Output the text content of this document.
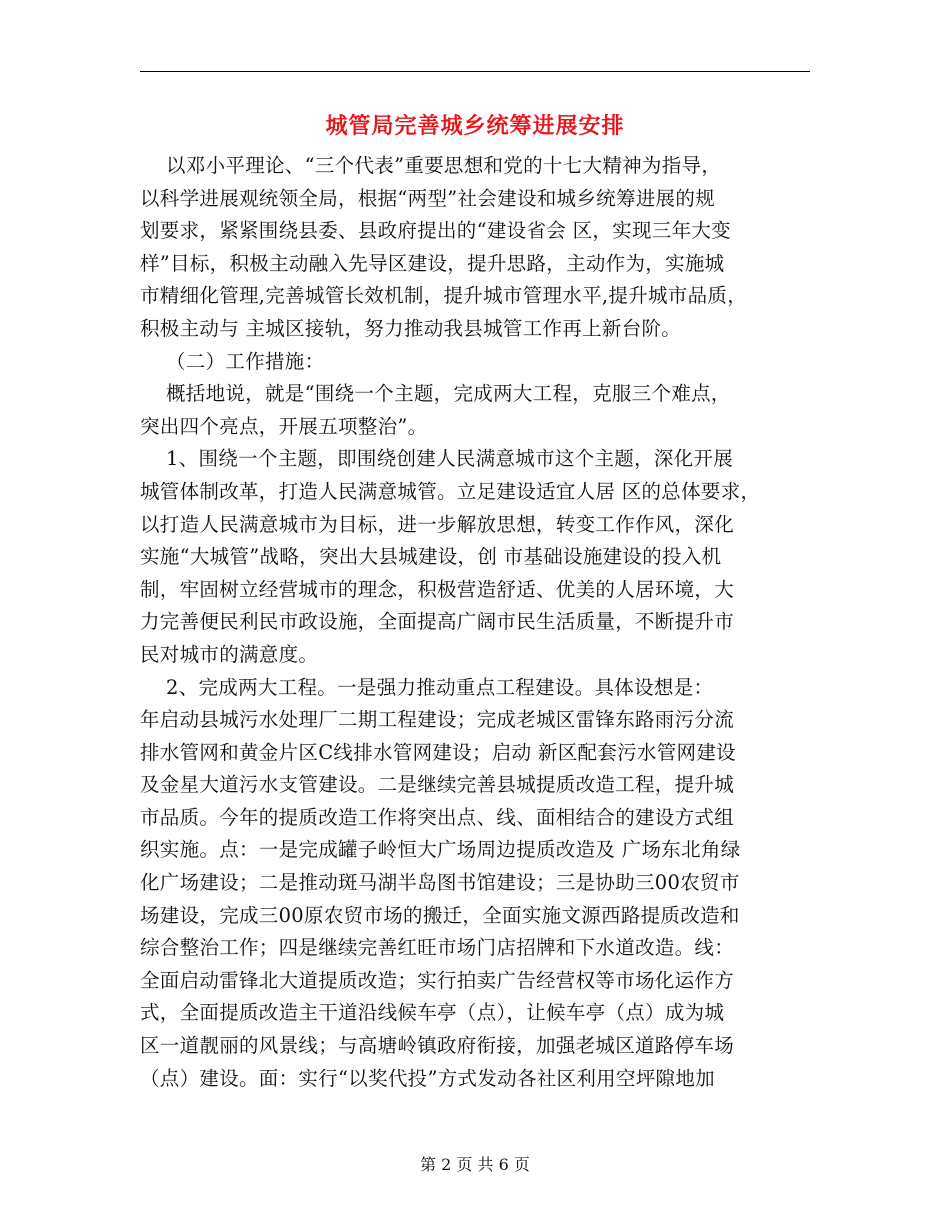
城管局完善城乡统筹进展安排
以邓小平理论、“三个代表”重要思想和党的十七大精神为指导，
以科学进展观统领全局，根据“两型”社会建设和城乡统筹进展的规
划要求，紧紧围绕县委、县政府提出的“建设省会 区，实现三年大变
样”目标，积极主动融入先导区建设，提升思路，主动作为，实施城
市精细化管理,完善城管长效机制，提升城市管理水平,提升城市品质，
积极主动与 主城区接轨，努力推动我县城管工作再上新台阶。
（二）工作措施：
概括地说，就是“围绕一个主题，完成两大工程，克服三个难点，
突出四个亮点，开展五项整治”。
1、围绕一个主题，即围绕创建人民满意城市这个主题，深化开展
城管体制改革，打造人民满意城管。立足建设适宜人居 区的总体要求，
以打造人民满意城市为目标，进一步解放思想，转变工作作风，深化
实施“大城管”战略，突出大县城建设，创 市基础设施建设的投入机
制，牢固树立经营城市的理念，积极营造舒适、优美的人居环境，大
力完善便民利民市政设施，全面提高广阔市民生活质量，不断提升市
民对城市的满意度。
2、完成两大工程。一是强力推动重点工程建设。具体设想是：
年启动县城污水处理厂二期工程建设；完成老城区雷锋东路雨污分流
排水管网和黄金片区C线排水管网建设；启动 新区配套污水管网建设
及金星大道污水支管建设。二是继续完善县城提质改造工程，提升城
市品质。今年的提质改造工作将突出点、线、面相结合的建设方式组
织实施。点：一是完成罐子岭恒大广场周边提质改造及 广场东北角绿
化广场建设；二是推动斑马湖半岛图书馆建设；三是协助三00农贸市
场建设，完成三00原农贸市场的搬迁，全面实施文源西路提质改造和
综合整治工作；四是继续完善红旺市场门店招牌和下水道改造。线：
全面启动雷锋北大道提质改造；实行拍卖广告经营权等市场化运作方
式，全面提质改造主干道沿线候车亭（点），让候车亭（点）成为城
区一道靓丽的风景线；与高塘岭镇政府衔接，加强老城区道路停车场
（点）建设。面：实行“以奖代投”方式发动各社区利用空坪隙地加
第 2 页 共 6 页
